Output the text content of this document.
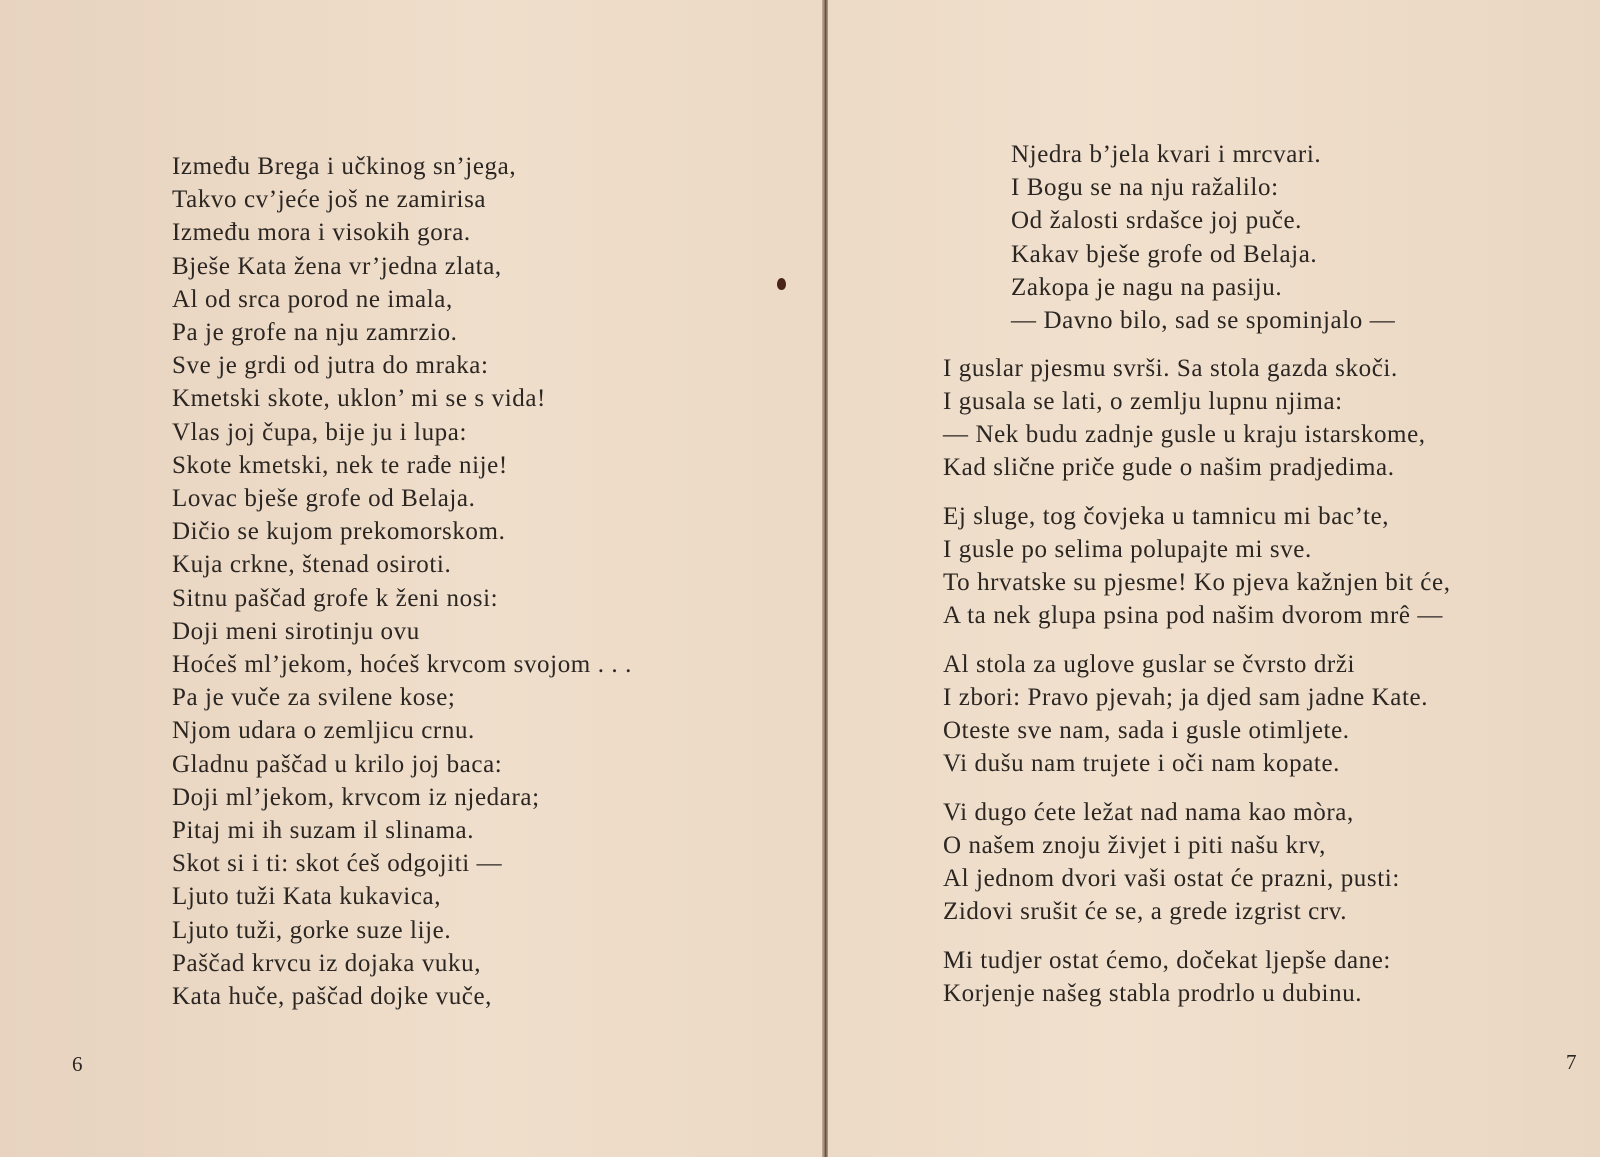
Između Brega i učkinog sn’jega,
Takvo cv’jeće još ne zamirisa
Između mora i visokih gora.
Bješe Kata žena vr’jedna zlata,
Al od srca porod ne imala,
Pa je grofe na nju zamrzio.
Sve je grdi od jutra do mraka:
Kmetski skote, uklon’ mi se s vida!
Vlas joj čupa, bije ju i lupa:
Skote kmetski, nek te rađe nije!
Lovac bješe grofe od Belaja.
Dičio se kujom prekomorskom.
Kuja crkne, štenad osiroti.
Sitnu paščad grofe k ženi nosi:
Doji meni sirotinju ovu
Hoćeš ml’jekom, hoćeš krvcom svojom . . .
Pa je vuče za svilene kose;
Njom udara o zemljicu crnu.
Gladnu paščad u krilo joj baca:
Doji ml’jekom, krvcom iz njedara;
Pitaj mi ih suzam il slinama.
Skot si i ti: skot ćeš odgojiti —
Ljuto tuži Kata kukavica,
Ljuto tuži, gorke suze lije.
Paščad krvcu iz dojaka vuku,
Kata huče, paščad dojke vuče,
6
Njedra b’jela kvari i mrcvari.
I Bogu se na nju ražalilo:
Od žalosti srdašce joj puče.
Kakav bješe grofe od Belaja.
Zakopa je nagu na pasiju.
— Davno bilo, sad se spominjalo —
I guslar pjesmu svrši. Sa stola gazda skoči.
I gusala se lati, o zemlju lupnu njima:
— Nek budu zadnje gusle u kraju istarskome,
Kad slične priče gude o našim pradjedima.
Ej sluge, tog čovjeka u tamnicu mi bac’te,
I gusle po selima polupajte mi sve.
To hrvatske su pjesme! Ko pjeva kažnjen bit će,
A ta nek glupa psina pod našim dvorom mrê —
Al stola za uglove guslar se čvrsto drži
I zbori: Pravo pjevah; ja djed sam jadne Kate.
Oteste sve nam, sada i gusle otimljete.
Vi dušu nam trujete i oči nam kopate.
Vi dugo ćete ležat nad nama kao mòra,
O našem znoju živjet i piti našu krv,
Al jednom dvori vaši ostat će prazni, pusti:
Zidovi srušit će se, a grede izgrist crv.
Mi tudjer ostat ćemo, dočekat ljepše dane:
Korjenje našeg stabla prodrlo u dubinu.
7
